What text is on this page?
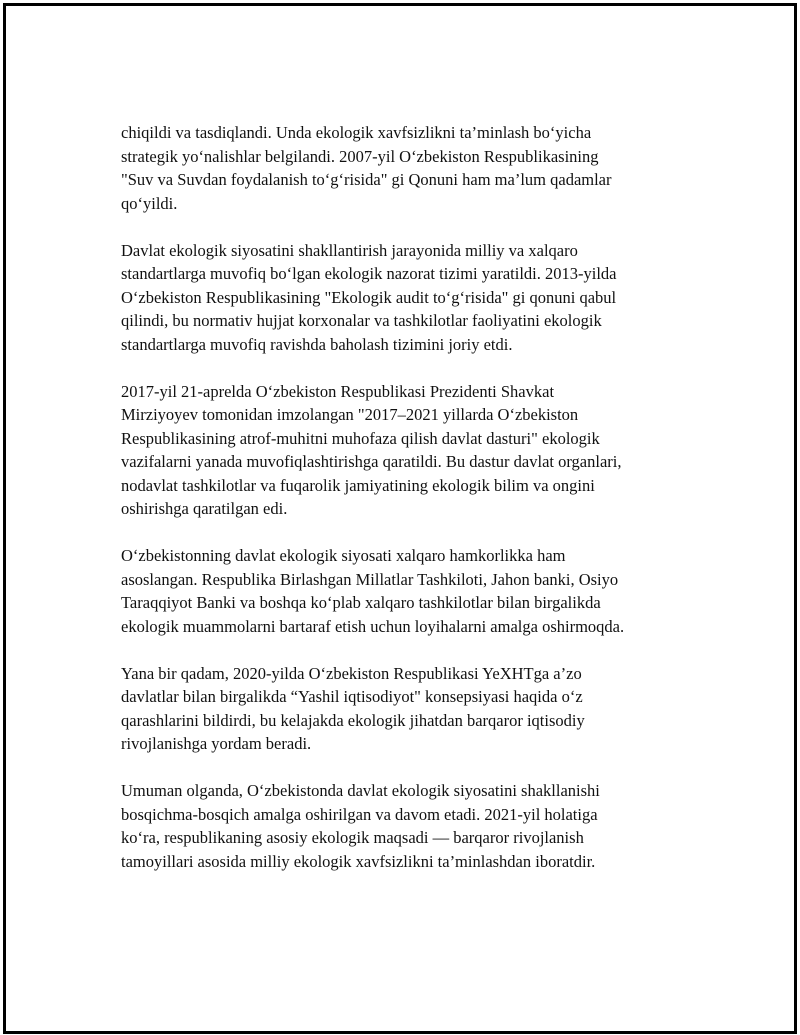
chiqildi va tasdiqlandi. Unda ekologik xavfsizlikni ta’minlash bo‘yicha
strategik yo‘nalishlar belgilandi. 2007-yil O‘zbekiston Respublikasining
"Suv va Suvdan foydalanish to‘g‘risida" gi Qonuni ham ma’lum qadamlar
qo‘yildi.

Davlat ekologik siyosatini shakllantirish jarayonida milliy va xalqaro
standartlarga muvofiq bo‘lgan ekologik nazorat tizimi yaratildi. 2013-yilda
O‘zbekiston Respublikasining "Ekologik audit to‘g‘risida" gi qonuni qabul
qilindi, bu normativ hujjat korxonalar va tashkilotlar faoliyatini ekologik
standartlarga muvofiq ravishda baholash tizimini joriy etdi.

2017-yil 21-aprelda O‘zbekiston Respublikasi Prezidenti Shavkat
Mirziyoyev tomonidan imzolangan "2017–2021 yillarda O‘zbekiston
Respublikasining atrof-muhitni muhofaza qilish davlat dasturi" ekologik
vazifalarni yanada muvofiqlashtirishga qaratildi. Bu dastur davlat organlari,
nodavlat tashkilotlar va fuqarolik jamiyatining ekologik bilim va ongini
oshirishga qaratilgan edi.

O‘zbekistonning davlat ekologik siyosati xalqaro hamkorlikka ham
asoslangan. Respublika Birlashgan Millatlar Tashkiloti, Jahon banki, Osiyo
Taraqqiyot Banki va boshqa ko‘plab xalqaro tashkilotlar bilan birgalikda
ekologik muammolarni bartaraf etish uchun loyihalarni amalga oshirmoqda.

Yana bir qadam, 2020-yilda O‘zbekiston Respublikasi YeXHTga a’zo
davlatlar bilan birgalikda “Yashil iqtisodiyot" konsepsiyasi haqida o‘z
qarashlarini bildirdi, bu kelajakda ekologik jihatdan barqaror iqtisodiy
rivojlanishga yordam beradi.

Umuman olganda, O‘zbekistonda davlat ekologik siyosatini shakllanishi
bosqichma-bosqich amalga oshirilgan va davom etadi. 2021-yil holatiga
ko‘ra, respublikaning asosiy ekologik maqsadi — barqaror rivojlanish
tamoyillari asosida milliy ekologik xavfsizlikni ta’minlashdan iboratdir.
